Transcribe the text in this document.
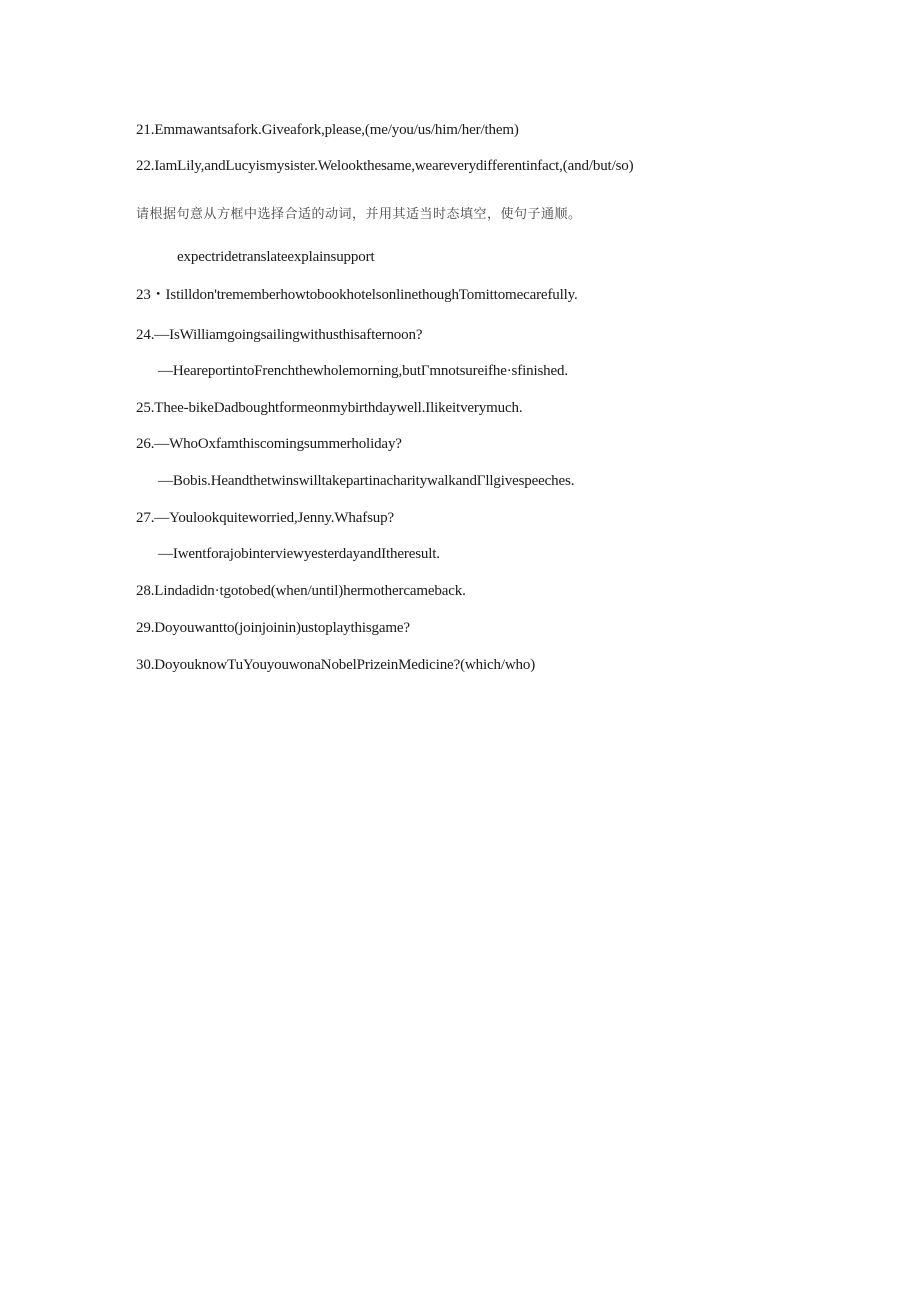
21.Emmawantsafork.Giveafork,please,(me/you/us/him/her/them)
22.IamLily,andLucyismysister.Welookthesame,weareverydifferentinfact,(and/but/so)
请根据句意从方框中选择合适的动词，并用其适当时态填空，使句子通顺。
expectridetranslateexplainsupport
23・Istilldon'trememberhowtobookhotelsonlinethoughTomittomecarefully.
24.—IsWilliamgoingsailingwithusthisafternoon?
—HeareportintoFrenchthewholemorning,butΓmnotsureifhe·sfinished.
25.Thee-bikeDadboughtformeonmybirthdaywell.Ilikeitverymuch.
26.—WhoOxfamthiscomingsummerholiday?
—Bobis.HeandthetwinswilltakepartinacharitywalkandΓllgivespeeches.
27.—Youlookquiteworried,Jenny.Whafsup?
—IwentforajobinterviewyesterdayandIth​eresult.
28.Lindadidn·tgotobed(when/until)hermothercameback.
29.Doyouwantto(joinjoinin)ustoplaythisgame?
30.DoyouknowTuYouyouwonaNobelPrizeinMedicine?(which/who)
